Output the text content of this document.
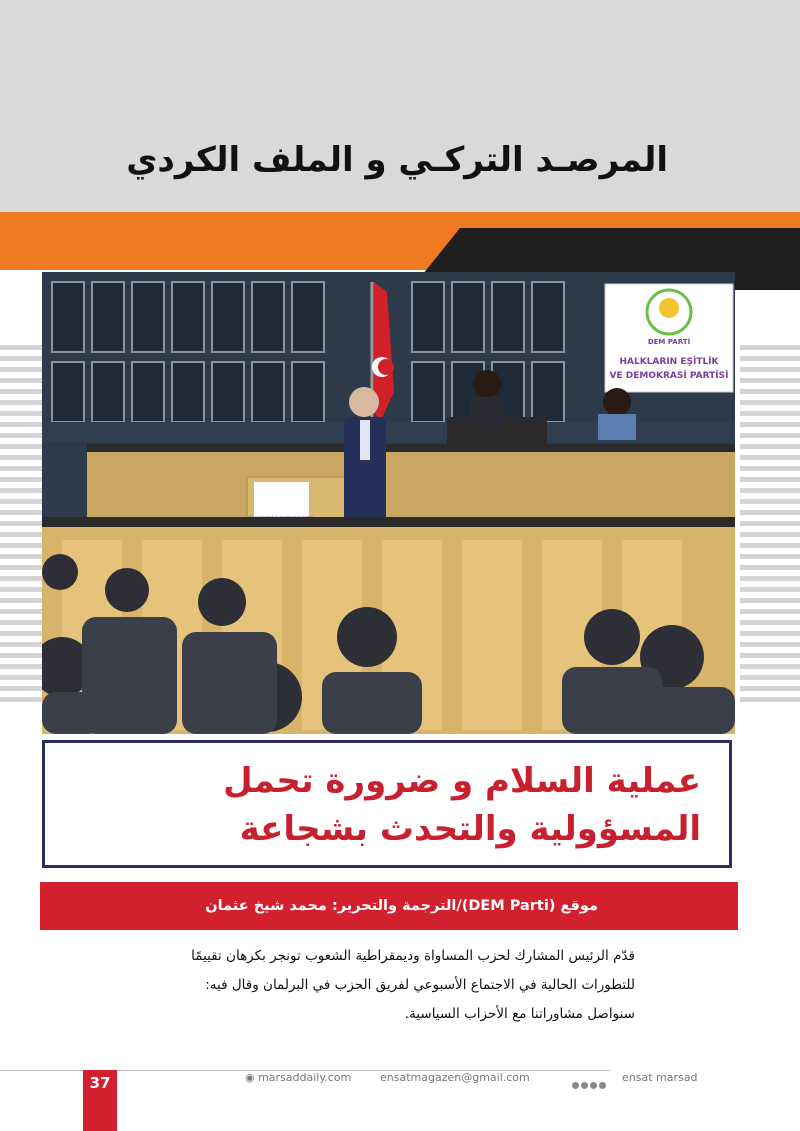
المرصـد التركـي و الملف الكردي
DEM PARTİ
HALKLARIN EŞİTLİK
VE DEMOKRASİ PARTİSİ
عملية السلام و ضرورة تحمل المسؤولية والتحدث بشجاعة
موقع (DEM Parti)/الترجمة والتحرير: محمد شيخ عثمان

قدّم الرئيس المشارك لحزب المساواة وديمقراطية الشعوب تونجر بكرهان تقييمًا للتطورات الحالية في الاجتماع الأسبوعي لفريق الحزب في البرلمان وقال فيه:

سنواصل مشاوراتنا مع الأحزاب السياسية.

37	◉ marsaddaily.com	ensatmagazen@gmail.com	ensat marsad
